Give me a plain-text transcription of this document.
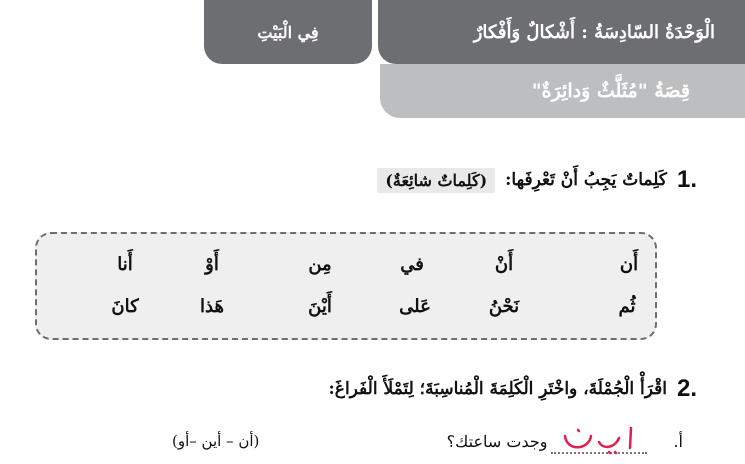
الْوَحْدَةُ السّادِسَةُ : أَشْكالٌ وَأَفْكارٌ
فِي الْبَيْتِ
قِصَةُ "مُثَلَّثٌ وَدائِرَةٌ"
1.
كَلِماتٌ يَجِبُ أَنْ تَعْرِفَها:
(كَلِماتٌ شائِعَةٌ)
أَن
أَنْ
في
مِن
أَوْ
أَنا
ثُم
نَحْنُ
أَيْنَ	عَلى
هَذا
كانَ
2.
اقْرَأْ الْجُمْلَةَ، واخْتَرِ الْكَلِمَةَ الْمُناسِبَةَ؛ لِتَمْلَأَ الْفَراغَ:
أ.
وجدت ساعتك؟
(أن – أين –أو)
